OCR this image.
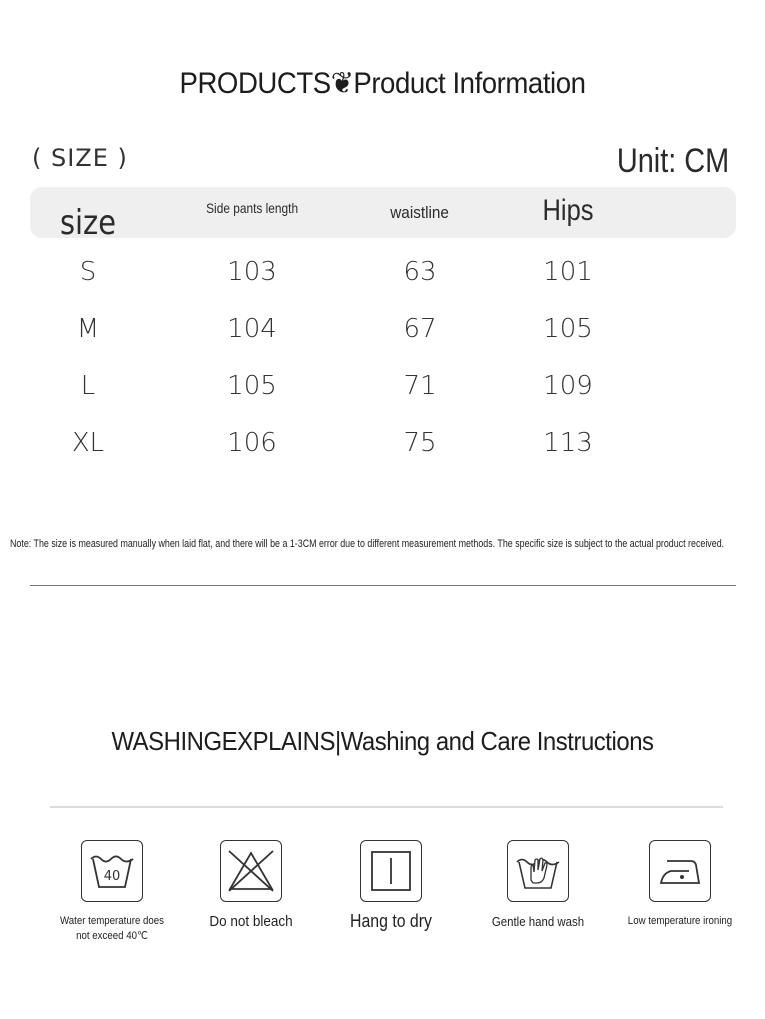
PRODUCTS❦Product Information
( SIZE )	Unit: CM
size	Side pants length	waistline	Hips
S	103	63	101
M	104	67	105
L	105	71	109
XL	106	75	113
Note: The size is measured manually when laid flat, and there will be a 1-3CM error due to different measurement methods. The specific size is subject to the actual product received.
WASHINGEXPLAINS|Washing and Care Instructions
40
Water temperature does not exceed 40℃
Do not bleach	Hang to dry	Gentle hand wash	Low temperature ironing
